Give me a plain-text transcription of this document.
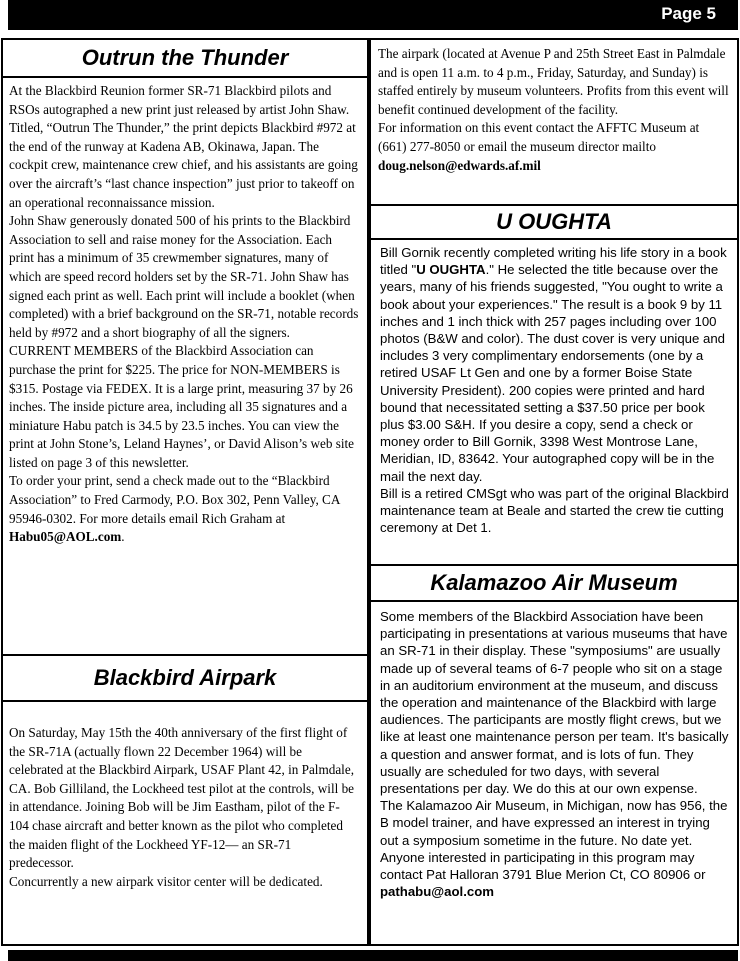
Page 5
Outrun the Thunder

At the Blackbird Reunion former SR-71 Blackbird pilots and RSOs autographed a new print just released by artist John Shaw. Titled, “Outrun The Thunder,” the print depicts Blackbird #972 at the end of the runway at Kadena AB, Okinawa, Japan. The cockpit crew, maintenance crew chief, and his assistants are going over the aircraft’s “last chance inspection” just prior to takeoff on an operational reconnaissance mission.

John Shaw generously donated 500 of his prints to the Blackbird Association to sell and raise money for the Association. Each print has a minimum of 35 crewmember signatures, many of which are speed record holders set by the SR-71. John Shaw has signed each print as well. Each print will include a booklet (when completed) with a brief background on the SR-71, notable records held by #972 and a short biography of all the signers.

CURRENT MEMBERS of the Blackbird Association can purchase the print for $225. The price for NON-MEMBERS is $315. Postage via FEDEX. It is a large print, measuring 37 by 26 inches. The inside picture area, including all 35 signatures and a miniature Habu patch is 34.5 by 23.5 inches. You can view the print at John Stone’s, Leland Haynes’, or David Alison’s web site listed on page 3 of this newsletter.

To order your print, send a check made out to the “Blackbird Association” to Fred Carmody, P.O. Box 302, Penn Valley, CA 95946-0302. For more details email Rich Graham at Habu05@AOL.com.

Blackbird Airpark

On Saturday, May 15th the 40th anniversary of the first flight of the SR-71A (actually flown 22 December 1964) will be celebrated at the Blackbird Airpark, USAF Plant 42, in Palmdale, CA. Bob Gilliland, the Lockheed test pilot at the controls, will be in attendance. Joining Bob will be Jim Eastham, pilot of the F-104 chase aircraft and better known as the pilot who completed the maiden flight of the Lockheed YF-12— an SR-71 predecessor.

Concurrently a new airpark visitor center will be dedicated.

The airpark (located at Avenue P and 25th Street East in Palmdale and is open 11 a.m. to 4 p.m., Friday, Saturday, and Sunday) is staffed entirely by museum volunteers. Profits from this event will benefit continued development of the facility.

For information on this event contact the AFFTC Museum at (661) 277-8050 or email the museum director mailto doug.nelson@edwards.af.mil

U OUGHTA

Bill Gornik recently completed writing his life story in a book titled "U OUGHTA." He selected the title because over the years, many of his friends suggested, "You ought to write a book about your experiences." The result is a book 9 by 11 inches and 1 inch thick with 257 pages including over 100 photos (B&W and color). The dust cover is very unique and includes 3 very complimentary endorsements (one by a retired USAF Lt Gen and one by a former Boise State University President). 200 copies were printed and hard bound that necessitated setting a $37.50 price per book plus $3.00 S&H. If you desire a copy, send a check or money order to Bill Gornik, 3398 West Montrose Lane, Meridian, ID, 83642. Your autographed copy will be in the mail the next day.

Bill is a retired CMSgt who was part of the original Blackbird maintenance team at Beale and started the crew tie cutting ceremony at Det 1.

Kalamazoo Air Museum

Some members of the Blackbird Association have been participating in presentations at various museums that have an SR-71 in their display. These "symposiums" are usually made up of several teams of 6-7 people who sit on a stage in an auditorium environment at the museum, and discuss the operation and maintenance of the Blackbird with large audiences. The participants are mostly flight crews, but we like at least one maintenance person per team. It's basically a question and answer format, and is lots of fun. They usually are scheduled for two days, with several presentations per day. We do this at our own expense.

The Kalamazoo Air Museum, in Michigan, now has 956, the B model trainer, and have expressed an interest in trying out a symposium sometime in the future. No date yet. Anyone interested in participating in this program may contact Pat Halloran 3791 Blue Merion Ct, CO 80906 or pathabu@aol.com
